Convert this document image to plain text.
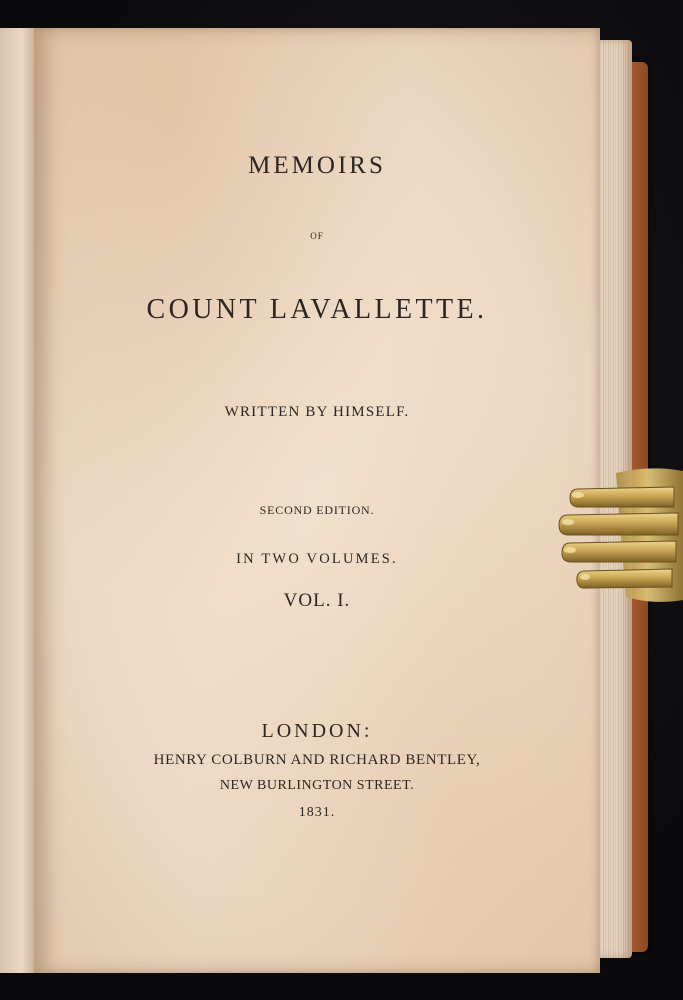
MEMOIRS
OF
COUNT LAVALLETTE.
WRITTEN BY HIMSELF.
SECOND EDITION.
IN TWO VOLUMES.
VOL. I.
LONDON:
HENRY COLBURN AND RICHARD BENTLEY,
NEW BURLINGTON STREET.
1831.
